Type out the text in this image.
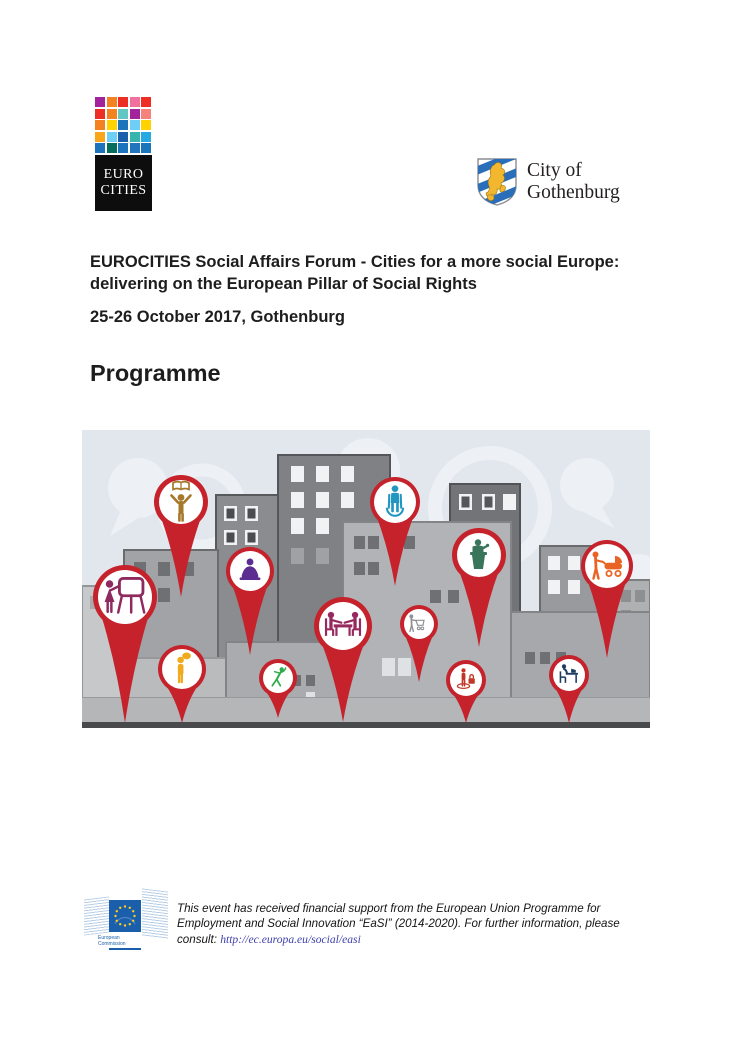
EURO
CITIES
City of
Gothenburg
EUROCITIES Social Affairs Forum - Cities for a more social Europe:
delivering on the European Pillar of Social Rights
25-26 October 2017, Gothenburg
Programme
European
Commission

This event has received financial support from the European Union Programme for
Employment and Social Innovation “EaSI” (2014-2020). For further information, please
consult: http://ec.europa.eu/social/easi
